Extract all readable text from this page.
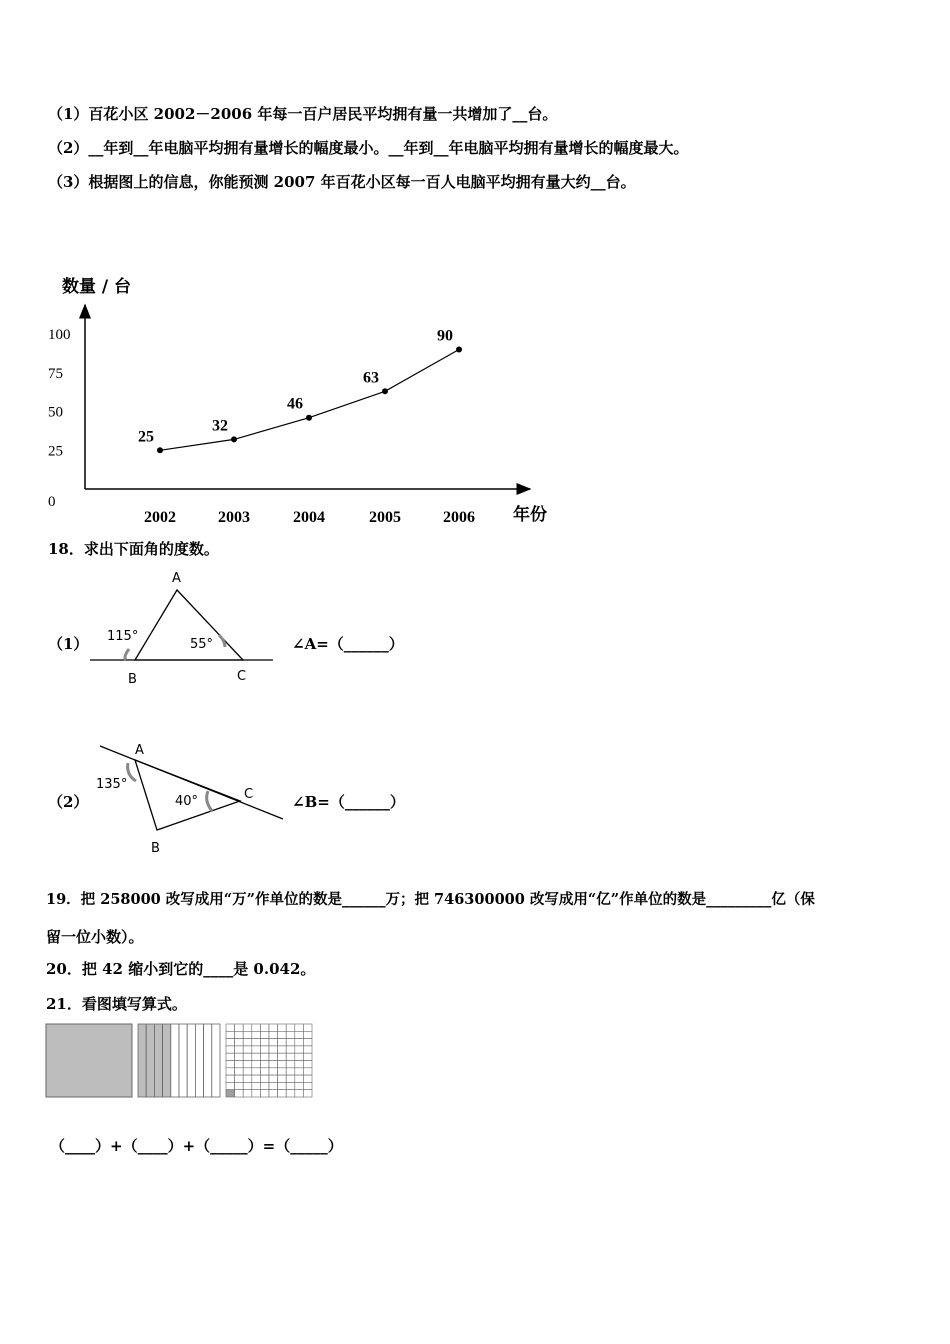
（1）百花小区 2002－2006 年每一百户居民平均拥有量一共增加了__台。
（2）__年到__年电脑平均拥有量增长的幅度最小。__年到__年电脑平均拥有量增长的幅度最大。
（3）根据图上的信息，你能预测 2007 年百花小区每一百人电脑平均拥有量大约__台。
数量 / 台
年份
0
25
50
75
100
2002	2003	2004	2005	2006
25
32
46
63
90
18．求出下面角的度数。
（1）
A
B	C
115°
55°	∠A=（______）
（2）
A
B
C
135°
40°	∠B=（______）
19．把 258000 改写成用“万”作单位的数是______万；把 746300000 改写成用“亿”作单位的数是_________亿（保
留一位小数）。
20．把 42 缩小到它的____是 0.042。
21．看图填写算式。
（____）+（____）+（_____）=（_____）
